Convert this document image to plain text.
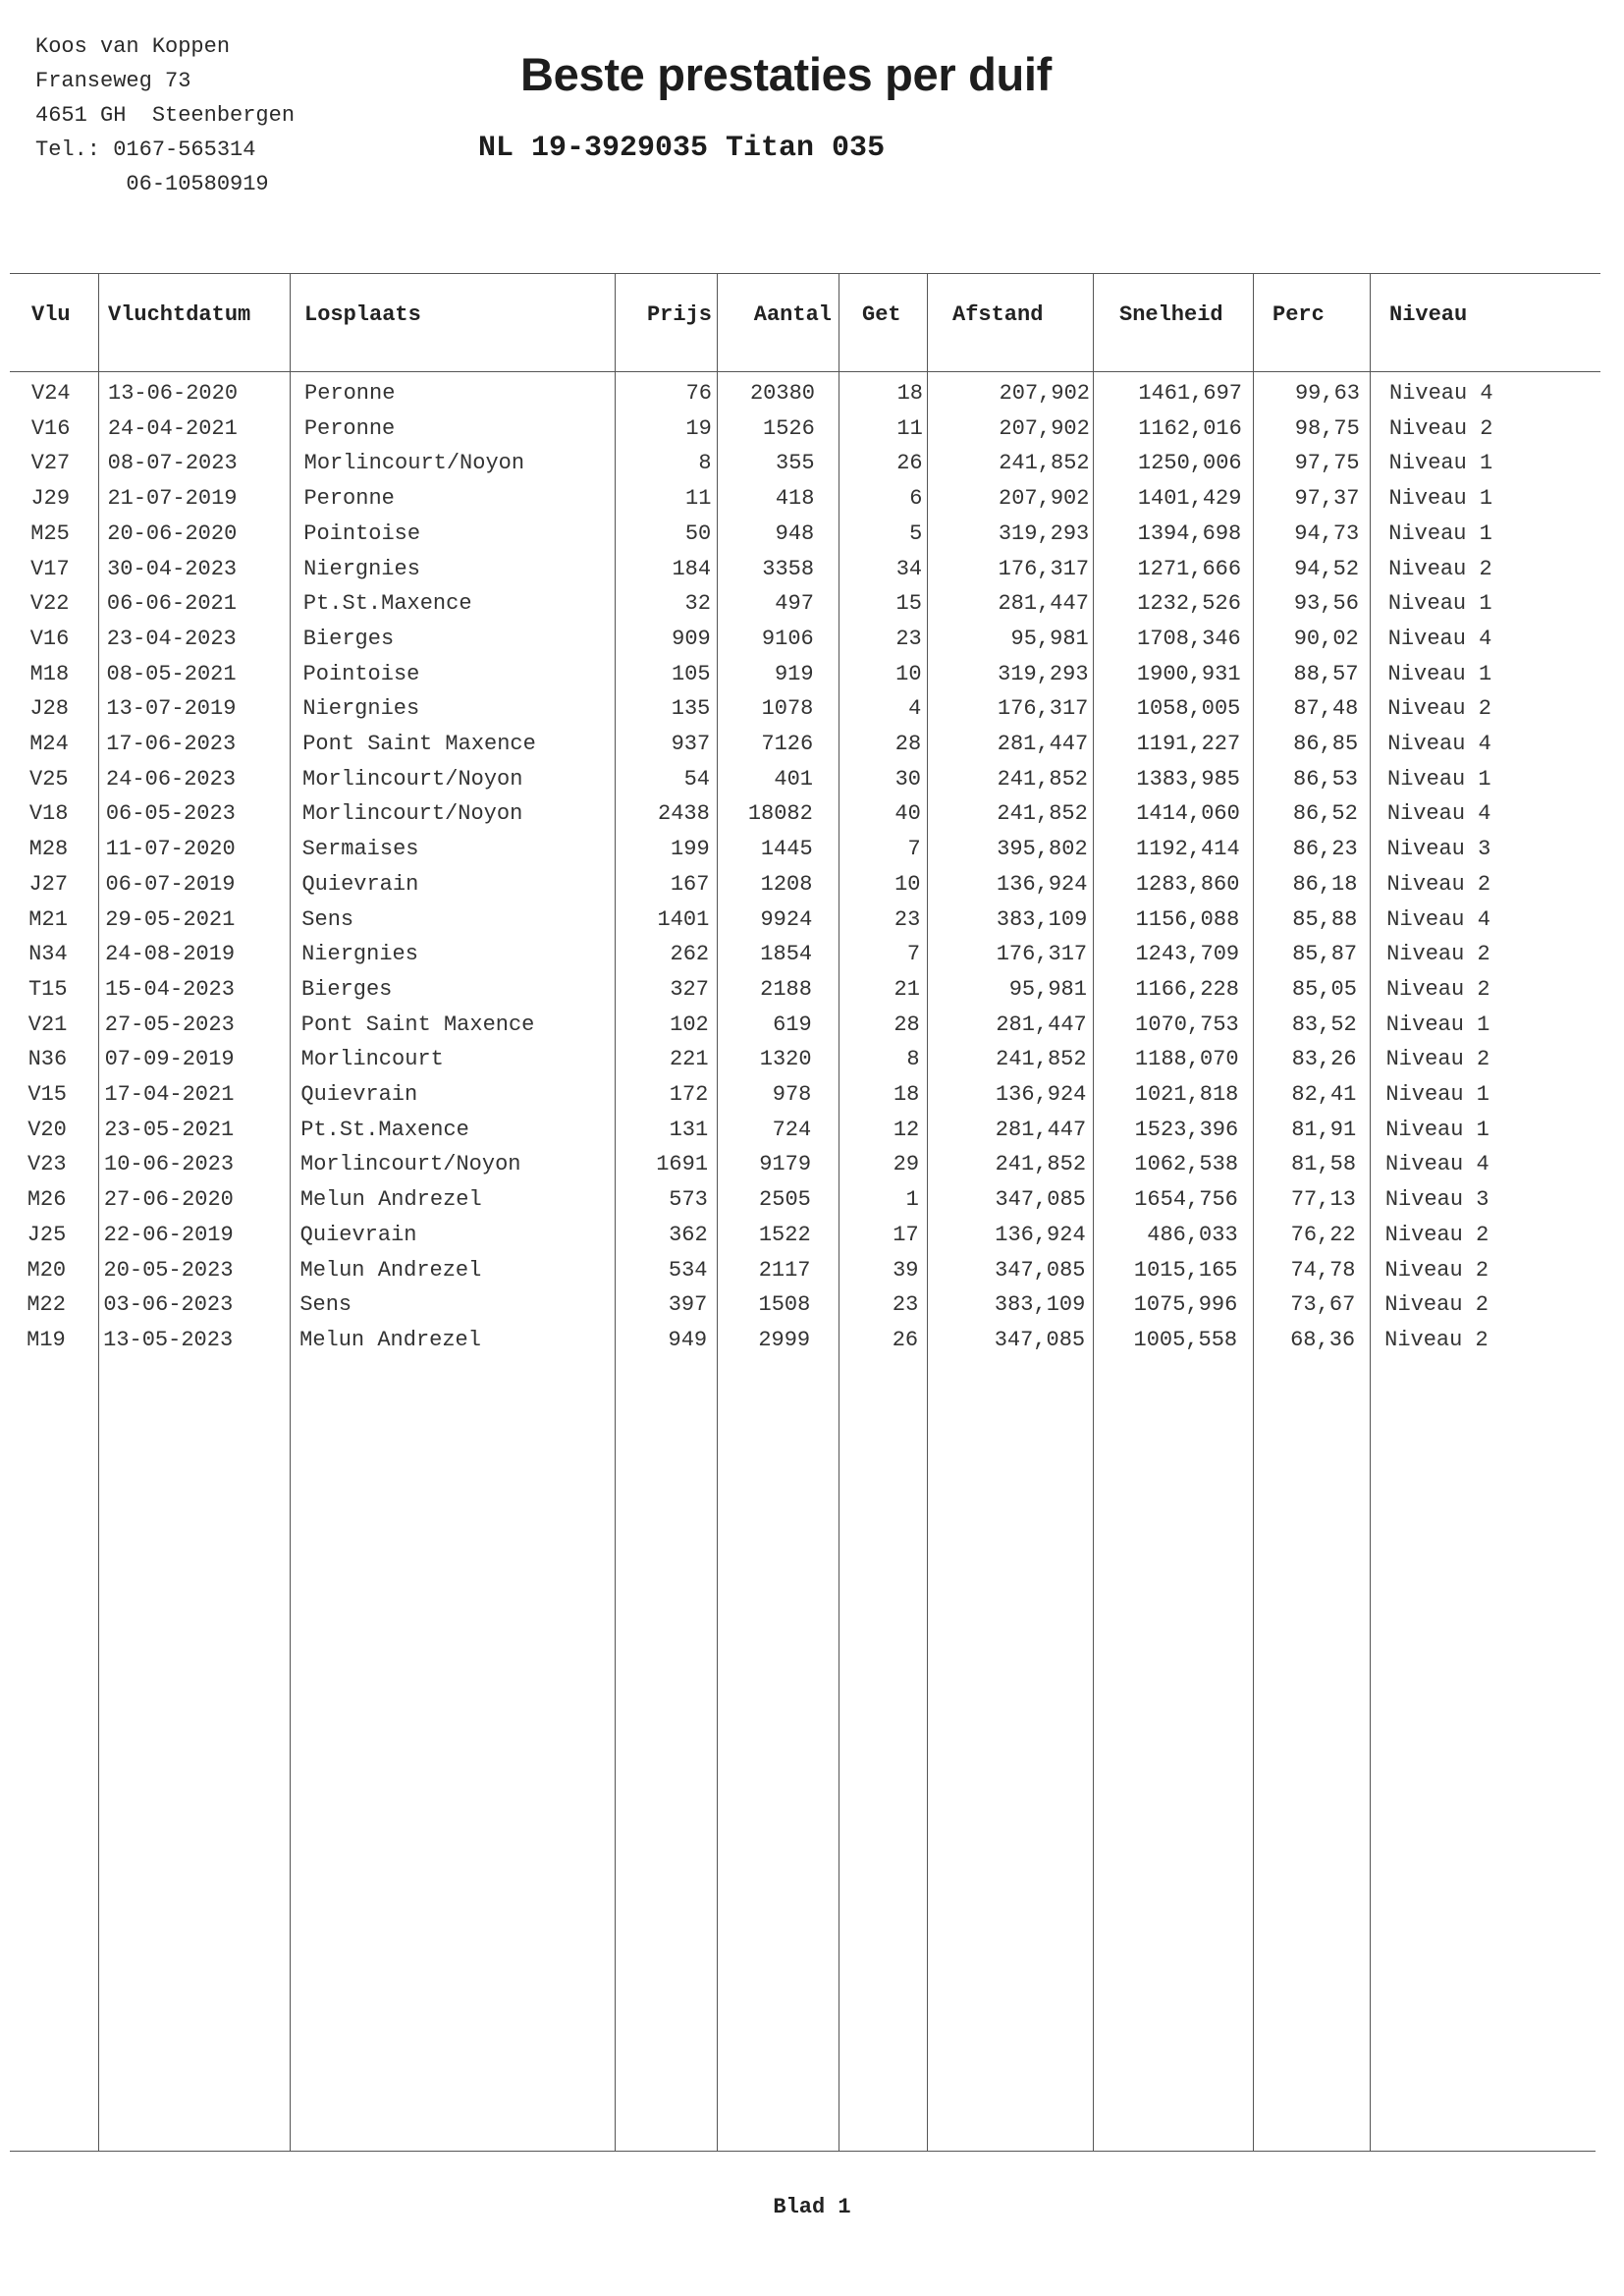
Koos van Koppen
Franseweg 73
4651 GH  Steenbergen
Tel.: 0167-565314
06-10580919
Beste prestaties per duif
NL 19-3929035 Titan 035
Vlu Vluchtdatum Losplaats	Prijs	Aantal Get Afstand	Snelheid Perc	Niveau
V24	13-06-2020	Peronne	76	20380	18	207,902	1461,697	99,63 Niveau 4
V16	24-04-2021	Peronne	19	1526	11	207,902	1162,016	98,75 Niveau 2
V27	08-07-2023	Morlincourt/Noyon	8	355	26	241,852	1250,006	97,75 Niveau 1
J29	21-07-2019	Peronne	11	418	6	207,902	1401,429	97,37 Niveau 1
M25	20-06-2020	Pointoise	50	948	5	319,293	1394,698	94,73 Niveau 1
V17	30-04-2023	Niergnies	184	3358	34	176,317	1271,666	94,52 Niveau 2
V22	06-06-2021	Pt.St.Maxence	32	497	15	281,447	1232,526	93,56 Niveau 1
V16	23-04-2023	Bierges	909	9106	23	95,981	1708,346	90,02 Niveau 4
M18	08-05-2021	Pointoise	105	919	10	319,293	1900,931	88,57 Niveau 1
J28	13-07-2019	Niergnies	135	1078	4	176,317	1058,005	87,48 Niveau 2
M24	17-06-2023	Pont Saint Maxence	937	7126	28	281,447	1191,227	86,85 Niveau 4
V25	24-06-2023	Morlincourt/Noyon	54	401	30	241,852	1383,985	86,53 Niveau 1
V18	06-05-2023	Morlincourt/Noyon	2438	18082	40	241,852	1414,060	86,52 Niveau 4
M28	11-07-2020	Sermaises	199	1445	7	395,802	1192,414	86,23 Niveau 3
J27	06-07-2019	Quievrain	167	1208	10	136,924	1283,860	86,18 Niveau 2
M21	29-05-2021	Sens	1401	9924	23	383,109	1156,088	85,88 Niveau 4
N34	24-08-2019	Niergnies	262	1854	7	176,317	1243,709	85,87 Niveau 2
T15	15-04-2023	Bierges	327	2188	21	95,981	1166,228	85,05 Niveau 2
V21	27-05-2023	Pont Saint Maxence	102	619	28	281,447	1070,753	83,52 Niveau 1
N36	07-09-2019	Morlincourt	221	1320	8	241,852	1188,070	83,26 Niveau 2
V15	17-04-2021	Quievrain	172	978	18	136,924	1021,818	82,41 Niveau 1
V20	23-05-2021	Pt.St.Maxence	131	724	12	281,447	1523,396	81,91 Niveau 1
V23	10-06-2023	Morlincourt/Noyon	1691	9179	29	241,852	1062,538	81,58 Niveau 4
M26	27-06-2020	Melun Andrezel	573	2505	1	347,085	1654,756	77,13 Niveau 3
J25	22-06-2019	Quievrain	362	1522	17	136,924	486,033	76,22 Niveau 2
M20	20-05-2023	Melun Andrezel	534	2117	39	347,085	1015,165	74,78 Niveau 2
M22	03-06-2023	Sens	397	1508	23	383,109	1075,996	73,67 Niveau 2
M19	13-05-2023	Melun Andrezel	949	2999	26	347,085	1005,558	68,36 Niveau 2
Blad 1
